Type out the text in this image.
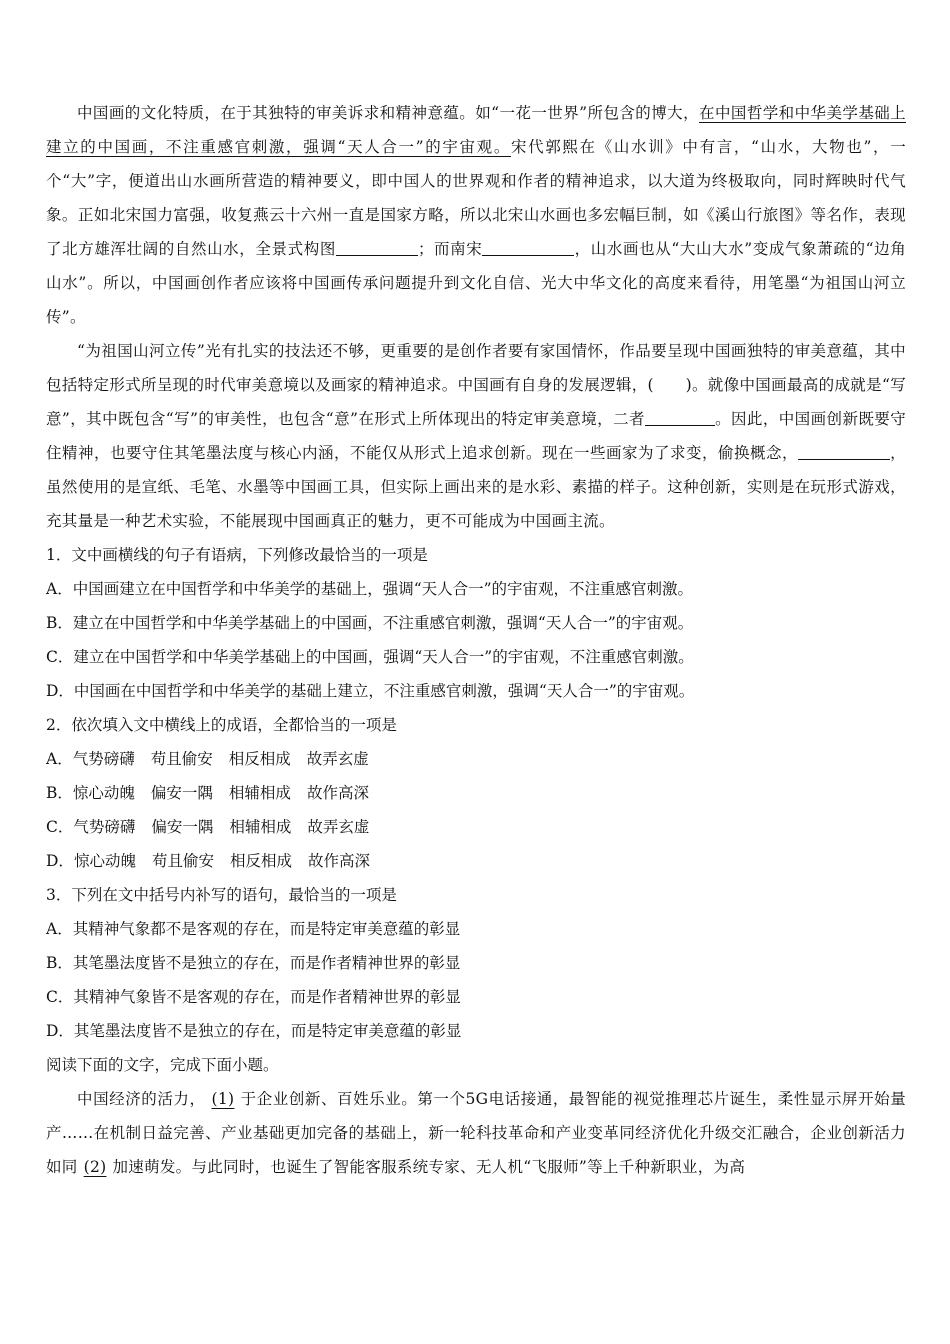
中国画的文化特质，在于其独特的审美诉求和精神意蕴。如“一花一世界”所包含的博大，在中国哲学和中华美学基础上建立的中国画，不注重感官刺激，强调“天人合一”的宇宙观。宋代郭熙在《山水训》中有言，“山水，大物也”，一个“大”字，便道出山水画所营造的精神要义，即中国人的世界观和作者的精神追求，以大道为终极取向，同时辉映时代气象。正如北宋国力富强，收复燕云十六州一直是国家方略，所以北宋山水画也多宏幅巨制，如《溪山行旅图》等名作，表现了北方雄浑壮阔的自然山水，全景式构图	；而南宋	，山水画也从“大山大水”变成气象萧疏的“边角山水”。所以，中国画创作者应该将中国画传承问题提升到文化自信、光大中华文化的高度来看待，用笔墨“为祖国山河立传”。

“为祖国山河立传”光有扎实的技法还不够，更重要的是创作者要有家国情怀，作品要呈现中国画独特的审美意蕴，其中包括特定形式所呈现的时代审美意境以及画家的精神追求。中国画有自身的发展逻辑，(　　)。就像中国画最高的成就是“写意”，其中既包含“写”的审美性，也包含“意”在形式上所体现出的特定审美意境，二者	。因此，中国画创新既要守住精神，也要守住其笔墨法度与核心内涵，不能仅从形式上追求创新。现在一些画家为了求变，偷换概念，	，虽然使用的是宣纸、毛笔、水墨等中国画工具，但实际上画出来的是水彩、素描的样子。这种创新，实则是在玩形式游戏，充其量是一种艺术实验，不能展现中国画真正的魅力，更不可能成为中国画主流。

1．文中画横线的句子有语病，下列修改最恰当的一项是

A．中国画建立在中国哲学和中华美学的基础上，强调“天人合一”的宇宙观，不注重感官刺激。

B．建立在中国哲学和中华美学基础上的中国画，不注重感官刺激，强调“天人合一”的宇宙观。

C．建立在中国哲学和中华美学基础上的中国画，强调“天人合一”的宇宙观，不注重感官刺激。

D．中国画在中国哲学和中华美学的基础上建立，不注重感官刺激，强调“天人合一”的宇宙观。

2．依次填入文中横线上的成语，全都恰当的一项是

A．气势磅礴 苟且偷安 相反相成 故弄玄虚

B．惊心动魄 偏安一隅 相辅相成 故作高深

C．气势磅礴 偏安一隅 相辅相成 故弄玄虚

D．惊心动魄 苟且偷安 相反相成 故作高深

3．下列在文中括号内补写的语句，最恰当的一项是

A．其精神气象都不是客观的存在，而是特定审美意蕴的彰显

B．其笔墨法度皆不是独立的存在，而是作者精神世界的彰显

C．其精神气象皆不是客观的存在，而是作者精神世界的彰显

D．其笔墨法度皆不是独立的存在，而是特定审美意蕴的彰显

阅读下面的文字，完成下面小题。

中国经济的活力， (1) 于企业创新、百姓乐业。第一个5G电话接通，最智能的视觉推理芯片诞生，柔性显示屏开始量产……在机制日益完善、产业基础更加完备的基础上，新一轮科技革命和产业变革同经济优化升级交汇融合，企业创新活力如同 (2) 加速萌发。与此同时，也诞生了智能客服系统专家、无人机“飞服师”等上千种新职业，为高
